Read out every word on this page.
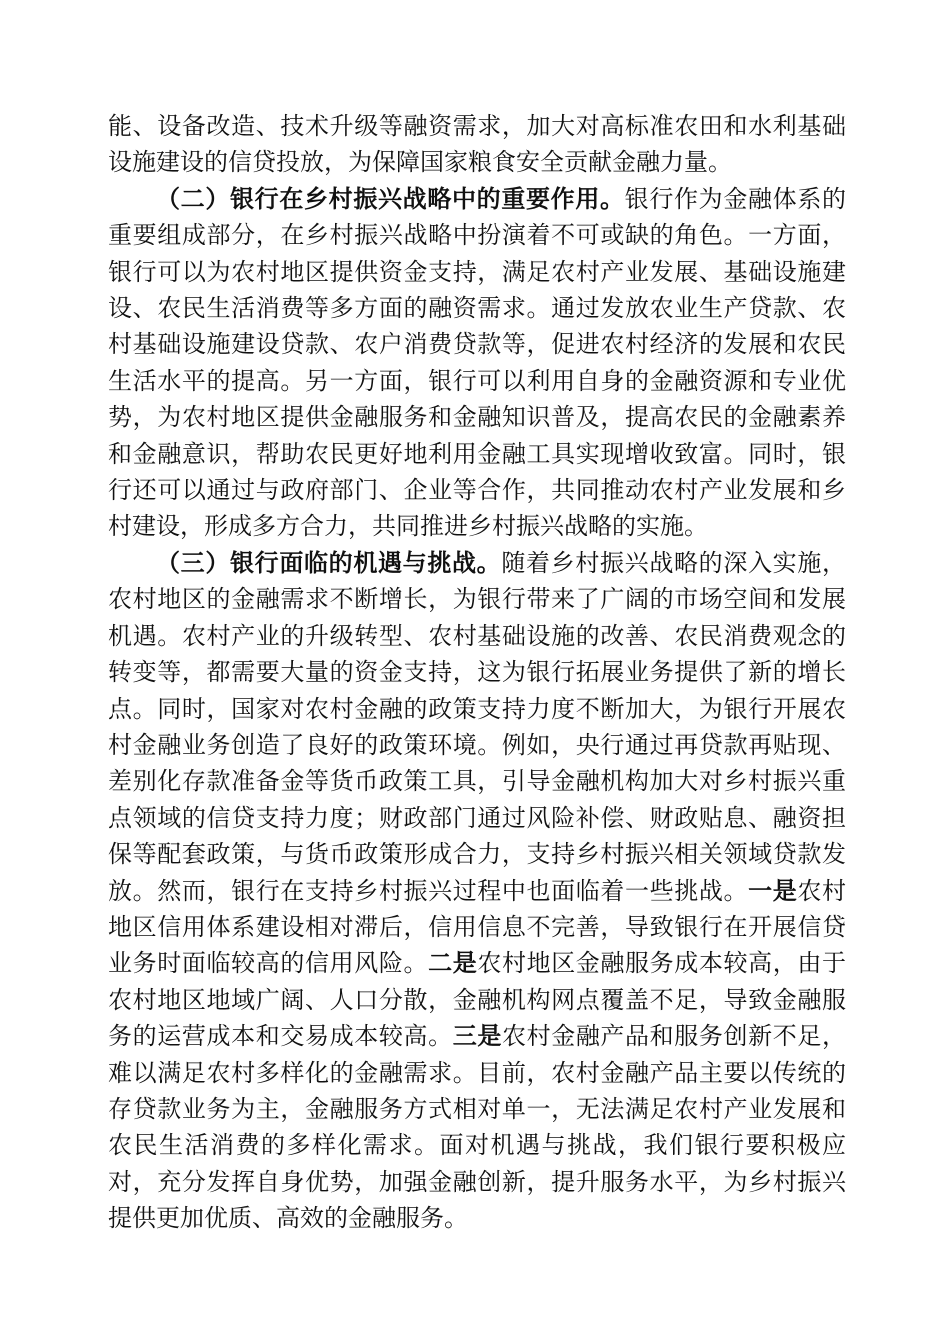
能、设备改造、技术升级等融资需求，加大对高标准农田和水利基础设施建设的信贷投放，为保障国家粮食安全贡献金融力量。

（二）银行在乡村振兴战略中的重要作用。银行作为金融体系的重要组成部分，在乡村振兴战略中扮演着不可或缺的角色。一方面，银行可以为农村地区提供资金支持，满足农村产业发展、基础设施建设、农民生活消费等多方面的融资需求。通过发放农业生产贷款、农村基础设施建设贷款、农户消费贷款等，促进农村经济的发展和农民生活水平的提高。另一方面，银行可以利用自身的金融资源和专业优势，为农村地区提供金融服务和金融知识普及，提高农民的金融素养和金融意识，帮助农民更好地利用金融工具实现增收致富。同时，银行还可以通过与政府部门、企业等合作，共同推动农村产业发展和乡村建设，形成多方合力，共同推进乡村振兴战略的实施。

（三）银行面临的机遇与挑战。随着乡村振兴战略的深入实施，农村地区的金融需求不断增长，为银行带来了广阔的市场空间和发展机遇。农村产业的升级转型、农村基础设施的改善、农民消费观念的转变等，都需要大量的资金支持，这为银行拓展业务提供了新的增长点。同时，国家对农村金融的政策支持力度不断加大，为银行开展农村金融业务创造了良好的政策环境。例如，央行通过再贷款再贴现、差别化存款准备金等货币政策工具，引导金融机构加大对乡村振兴重点领域的信贷支持力度；财政部门通过风险补偿、财政贴息、融资担保等配套政策，与货币政策形成合力，支持乡村振兴相关领域贷款发放。然而，银行在支持乡村振兴过程中也面临着一些挑战。一是农村地区信用体系建设相对滞后，信用信息不完善，导致银行在开展信贷业务时面临较高的信用风险。二是农村地区金融服务成本较高，由于农村地区地域广阔、人口分散，金融机构网点覆盖不足，导致金融服务的运营成本和交易成本较高。三是农村金融产品和服务创新不足，难以满足农村多样化的金融需求。目前，农村金融产品主要以传统的存贷款业务为主，金融服务方式相对单一，无法满足农村产业发展和农民生活消费的多样化需求。面对机遇与挑战，我们银行要积极应对，充分发挥自身优势，加强金融创新，提升服务水平，为乡村振兴提供更加优质、高效的金融服务。
